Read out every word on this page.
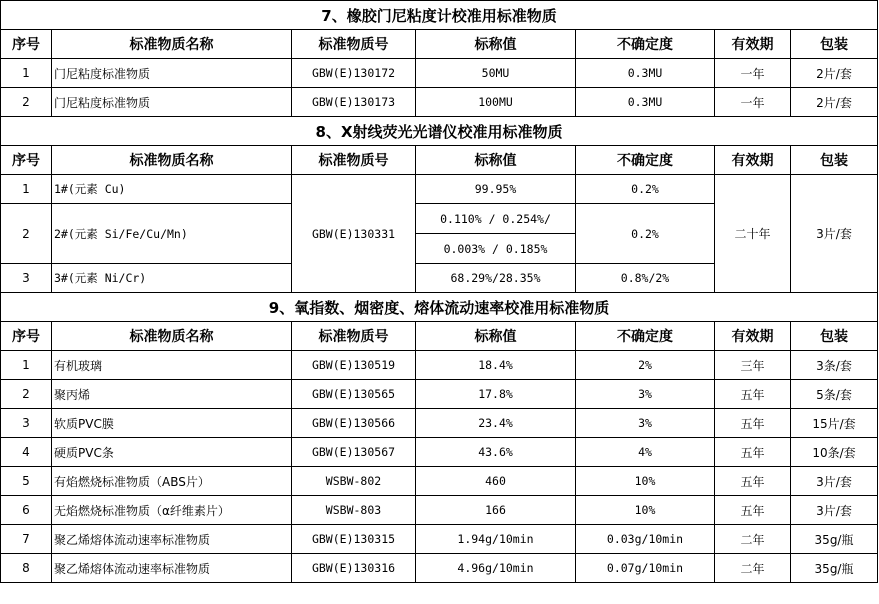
7、橡胶门尼粘度计校准用标准物质						
序号	标准物质名称	标准物质号	标称值	不确定度	有效期	包装
1	门尼粘度标准物质	GBW(E)130172	50MU	0.3MU	一年	2片/套
2	门尼粘度标准物质	GBW(E)130173	100MU	0.3MU	一年	2片/套
8、X射线荧光光谱仪校准用标准物质						
序号	标准物质名称	标准物质号	标称值	不确定度	有效期	包装
1	1#(元素 Cu)	GBW(E)130331	99.95%	0.2%	二十年	3片/套
2	2#(元素 Si/Fe/Cu/Mn)		0.110% / 0.254%/	0.2%		
			0.003% / 0.185%			
3	3#(元素 Ni/Cr)		68.29%/28.35%	0.8%/2%		
9、氧指数、烟密度、熔体流动速率校准用标准物质						
序号	标准物质名称	标准物质号	标称值	不确定度	有效期	包装
1	有机玻璃	GBW(E)130519	18.4%	2%	三年	3条/套
2	聚丙烯	GBW(E)130565	17.8%	3%	五年	5条/套
3	软质PVC膜	GBW(E)130566	23.4%	3%	五年	15片/套
4	硬质PVC条	GBW(E)130567	43.6%	4%	五年	10条/套
5	有焰燃烧标准物质（ABS片）	WSBW-802	460	10%	五年	3片/套
6	无焰燃烧标准物质（α纤维素片）	WSBW-803	166	10%	五年	3片/套
7	聚乙烯熔体流动速率标准物质	GBW(E)130315	1.94g/10min	0.03g/10min	二年	35g/瓶
8	聚乙烯熔体流动速率标准物质	GBW(E)130316	4.96g/10min	0.07g/10min	二年	35g/瓶
